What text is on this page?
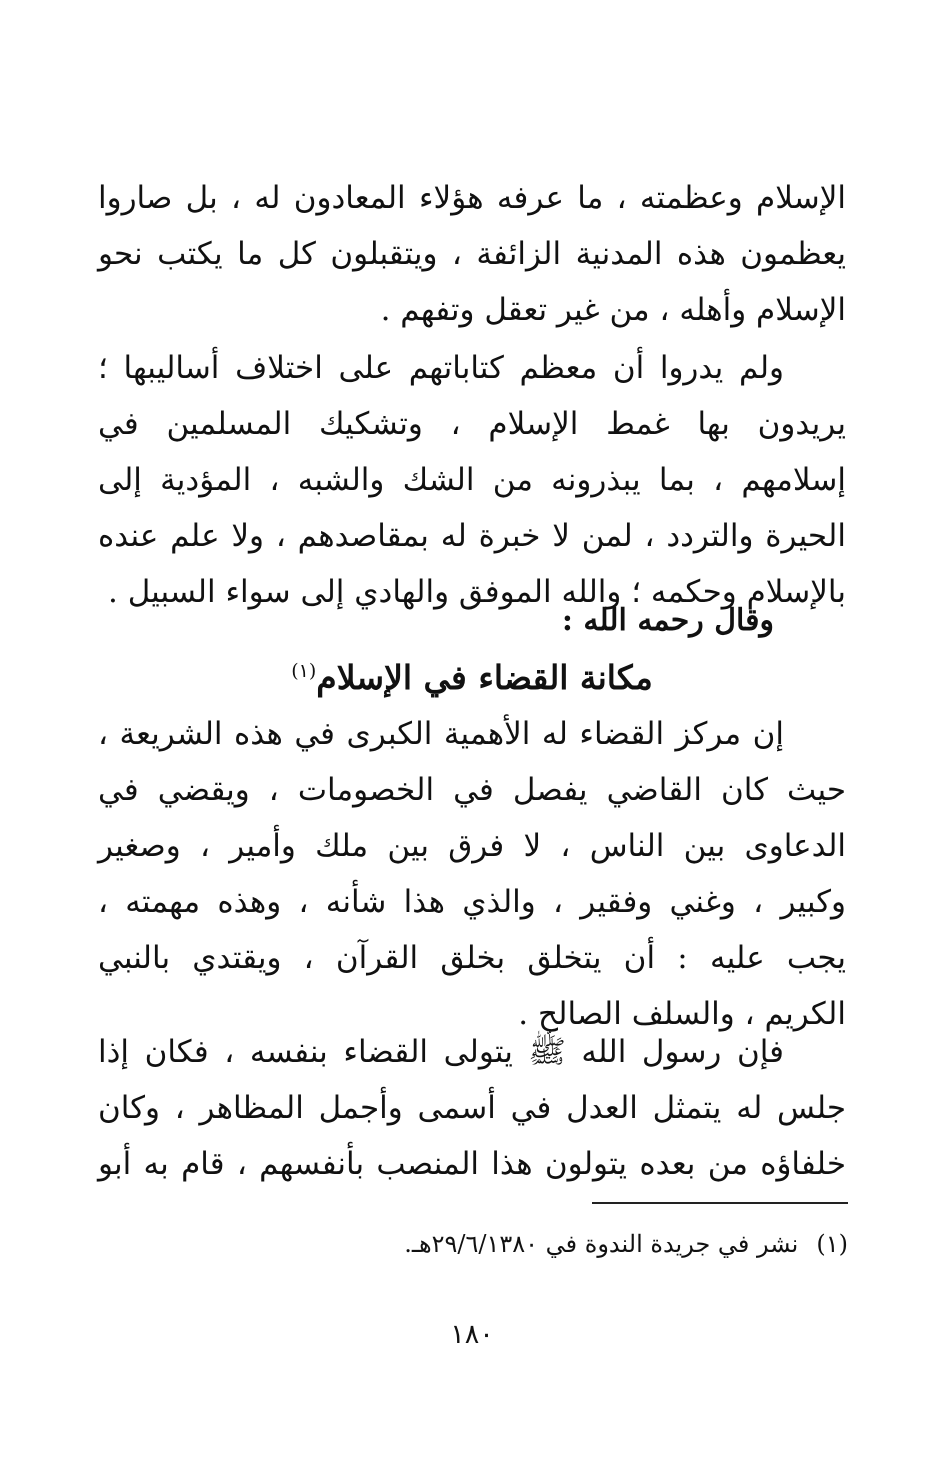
الإسلام وعظمته ، ما عرفه هؤلاء المعادون له ، بل صاروا
يعظمون هذه المدنية الزائفة ، ويتقبلون كل ما يكتب نحو
الإسلام وأهله ، من غير تعقل وتفهم .
ولم يدروا أن معظم كتاباتهم على اختلاف أساليبها ؛
يريدون بها غمط الإسلام ، وتشكيك المسلمين في
إسلامهم ، بما يبذرونه من الشك والشبه ، المؤدية إلى
الحيرة والتردد ، لمن لا خبرة له بمقاصدهم ، ولا علم عنده
بالإسلام وحكمه ؛ والله الموفق والهادي إلى سواء السبيل .
وقال رحمه الله :
مكانة القضاء في الإسلام$^{(١)}$
إن مركز القضاء له الأهمية الكبرى في هذه الشريعة ،
حيث كان القاضي يفصل في الخصومات ، ويقضي في
الدعاوى بين الناس ، لا فرق بين ملك وأمير ، وصغير
وكبير ، وغني وفقير ، والذي هذا شأنه ، وهذه مهمته ،
يجب عليه : أن يتخلق بخلق القرآن ، ويقتدي بالنبي
الكريم ، والسلف الصالح .
فإن رسول الله ﷺ يتولى القضاء بنفسه ، فكان إذا
جلس له يتمثل العدل في أسمى وأجمل المظاهر ، وكان
خلفاؤه من بعده يتولون هذا المنصب بأنفسهم ، قام به أبو
(١)نشر في جريدة الندوة في ٢٩/٦/١٣٨٠هـ.
١٨٠
